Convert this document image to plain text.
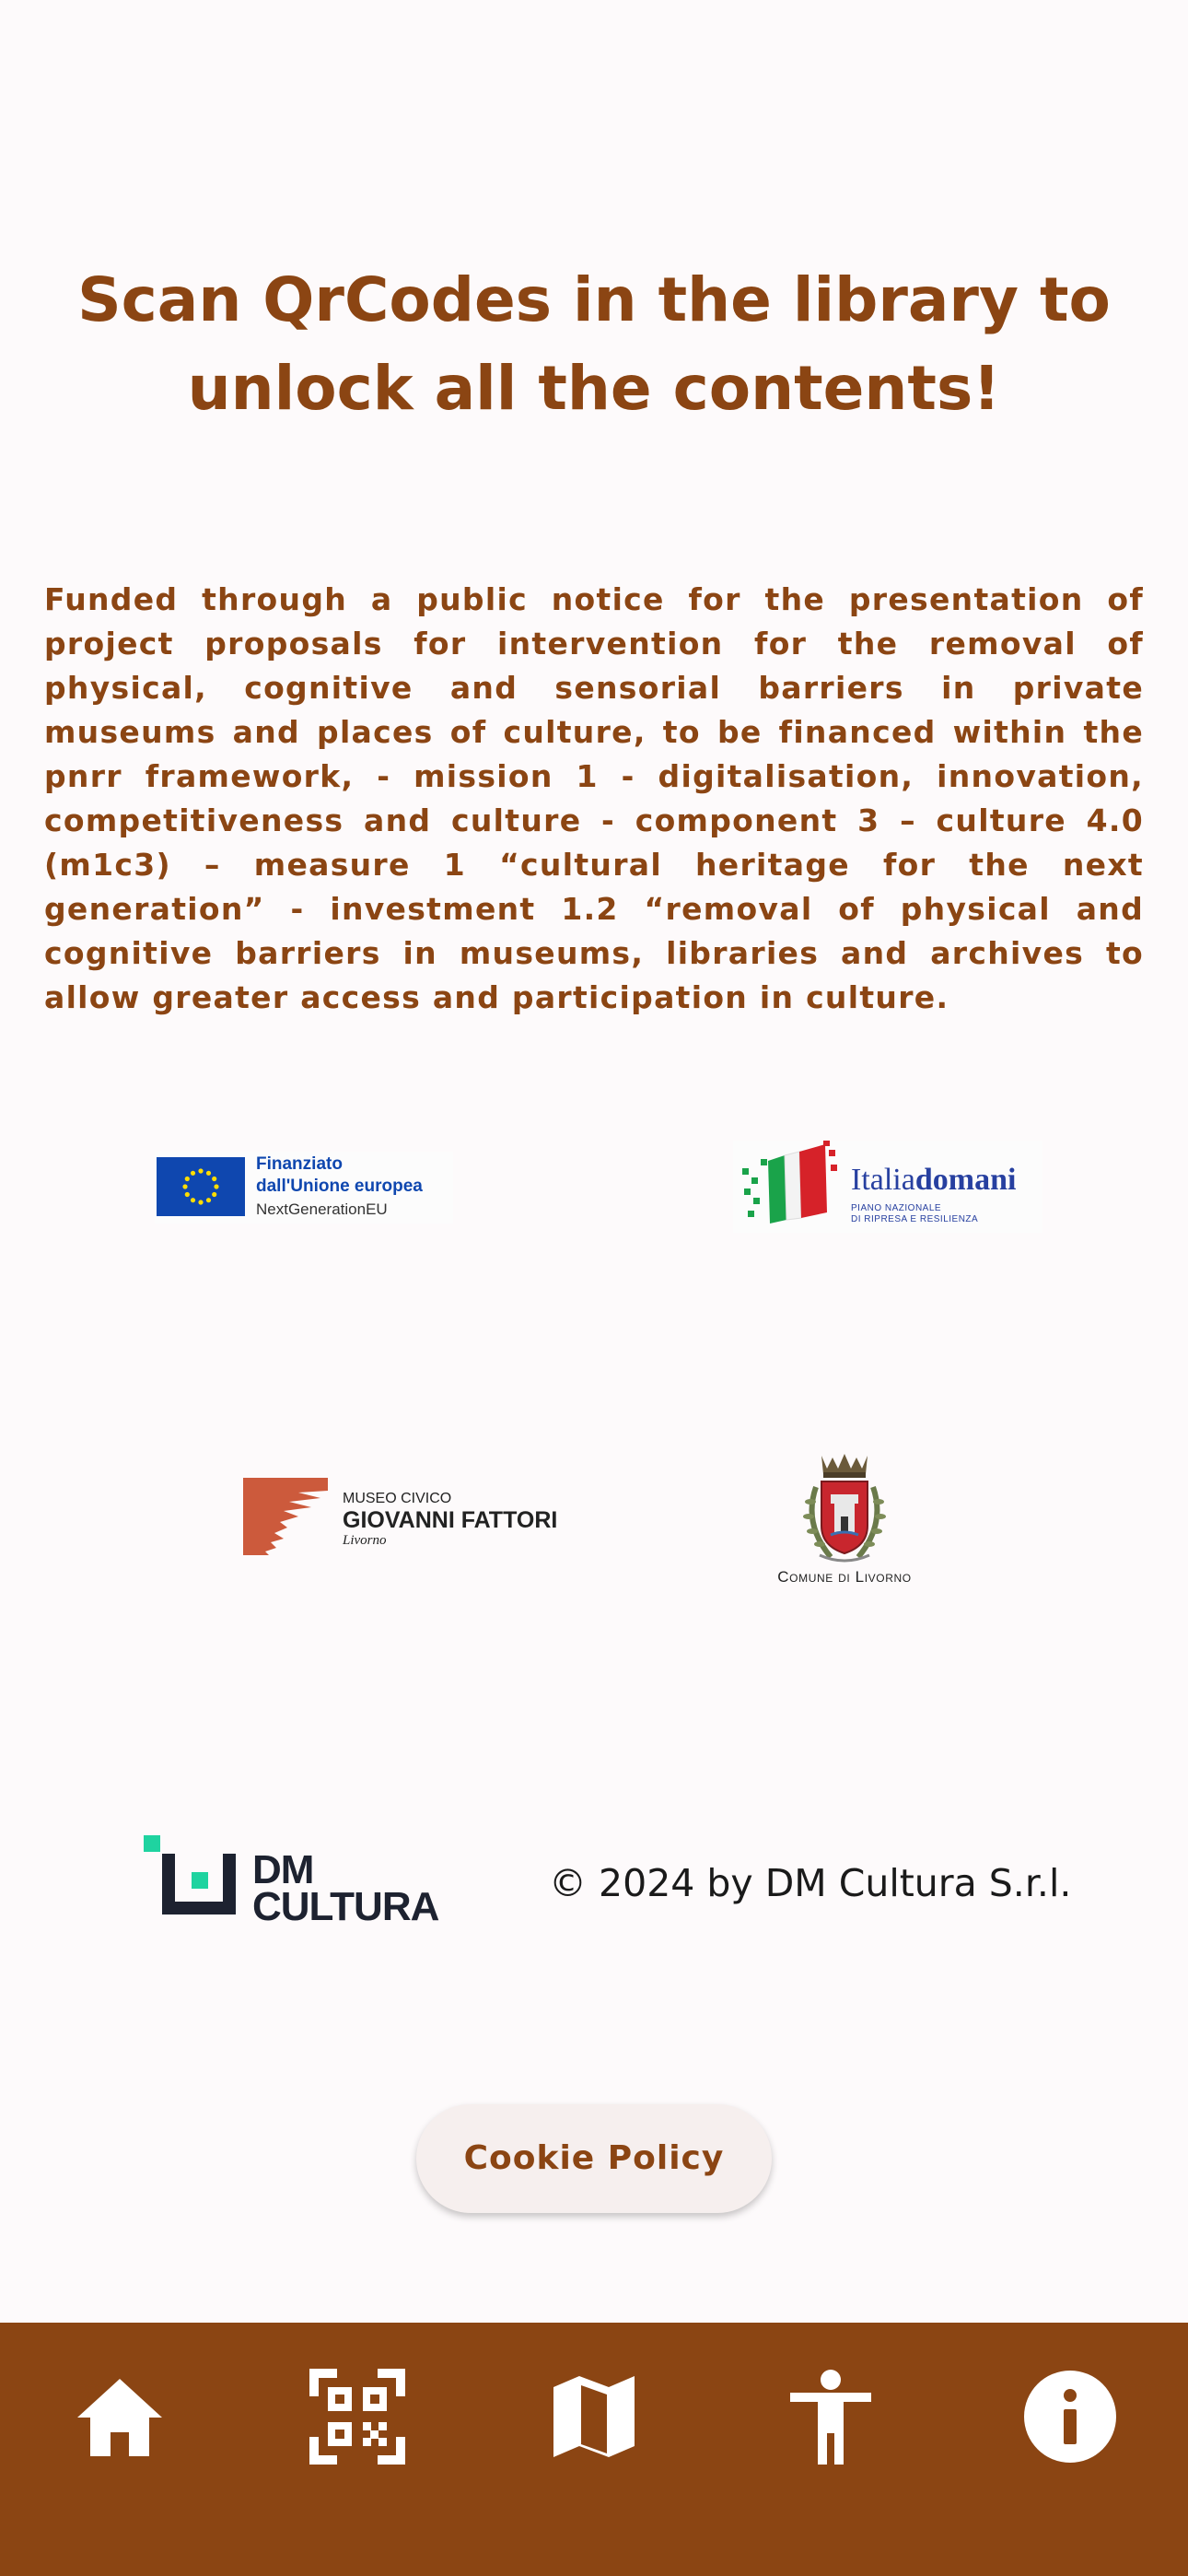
Scan QrCodes in the library to
unlock all the contents!

Funded through a public notice for the presentation of project proposals for intervention for the removal of physical, cognitive and sensorial barriers in private museums and places of culture, to be financed within the pnrr framework, - mission 1 - digitalisation, innovation, competitiveness and culture - component 3 – culture 4.0 (m1c3) – measure 1 “cultural heritage for the next generation” - investment 1.2 “removal of physical and cognitive barriers in museums, libraries and archives to allow greater access and participation in culture.

Finanziato
dall'Unione europea
NextGenerationEU
Italiadomani
PIANO NAZIONALE
DI RIPRESA E RESILIENZA
MUSEO CIVICO
GIOVANNI FATTORI
Livorno
Comune di Livorno
DM
CULTURA
© 2024 by DM Cultura S.r.l.
Cookie Policy
